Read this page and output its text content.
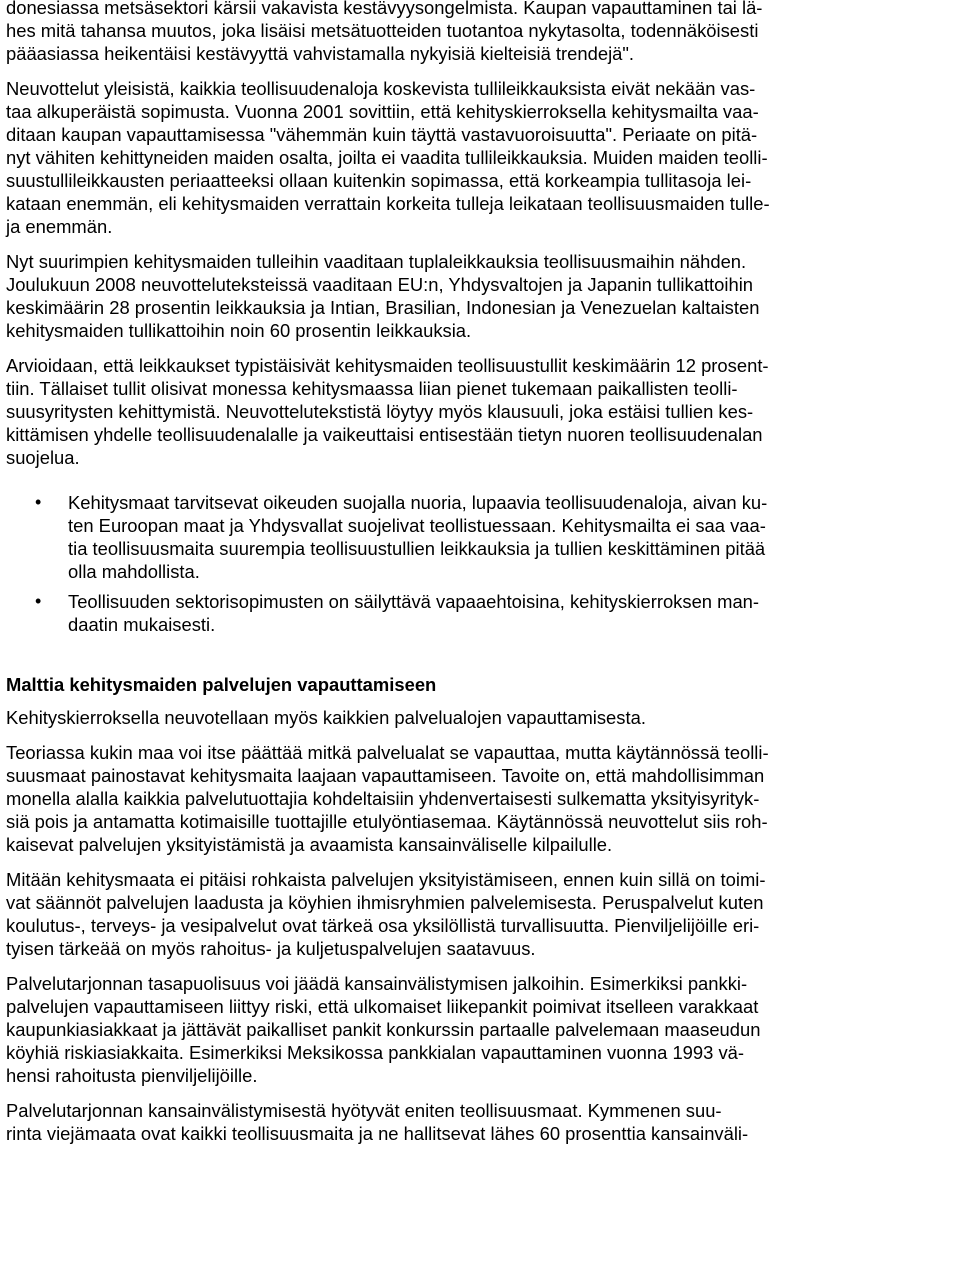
donesiassa metsäsektori kärsii vakavista kestävyysongelmista. Kaupan vapauttaminen tai lä-
hes mitä tahansa muutos, joka lisäisi metsätuotteiden tuotantoa nykytasolta, todennäköisesti
pääasiassa heikentäisi kestävyyttä vahvistamalla nykyisiä kielteisiä trendejä".
Neuvottelut yleisistä, kaikkia teollisuudenaloja koskevista tullileikkauksista eivät nekään vas-
taa alkuperäistä sopimusta. Vuonna 2001 sovittiin, että kehityskierroksella kehitysmailta vaa-
ditaan kaupan vapauttamisessa "vähemmän kuin täyttä vastavuoroisuutta". Periaate on pitä-
nyt vähiten kehittyneiden maiden osalta, joilta ei vaadita tullileikkauksia. Muiden maiden teolli-
suustullileikkausten periaatteeksi ollaan kuitenkin sopimassa, että korkeampia tullitasoja lei-
kataan enemmän, eli kehitysmaiden verrattain korkeita tulleja leikataan teollisuusmaiden tulle-
ja enemmän.
Nyt suurimpien kehitysmaiden tulleihin vaaditaan tuplaleikkauksia teollisuusmaihin nähden.
Joulukuun 2008 neuvotteluteksteissä vaaditaan EU:n, Yhdysvaltojen ja Japanin tullikattoihin
keskimäärin 28 prosentin leikkauksia ja Intian, Brasilian, Indonesian ja Venezuelan kaltaisten
kehitysmaiden tullikattoihin noin 60 prosentin leikkauksia.
Arvioidaan, että leikkaukset typistäisivät kehitysmaiden teollisuustullit keskimäärin 12 prosent-
tiin. Tällaiset tullit olisivat monessa kehitysmaassa liian pienet tukemaan paikallisten teolli-
suusyritysten kehittymistä. Neuvottelutekstistä löytyy myös klausuuli, joka estäisi tullien kes-
kittämisen yhdelle teollisuudenalalle ja vaikeuttaisi entisestään tietyn nuoren teollisuudenalan
suojelua.
• Kehitysmaat tarvitsevat oikeuden suojalla nuoria, lupaavia teollisuudenaloja, aivan ku-
ten Euroopan maat ja Yhdysvallat suojelivat teollistuessaan. Kehitysmailta ei saa vaa-
tia teollisuusmaita suurempia teollisuustullien leikkauksia ja tullien keskittäminen pitää
olla mahdollista.
• Teollisuuden sektorisopimusten on säilyttävä vapaaehtoisina, kehityskierroksen man-
daatin mukaisesti.
Malttia kehitysmaiden palvelujen vapauttamiseen
Kehityskierroksella neuvotellaan myös kaikkien palvelualojen vapauttamisesta.
Teoriassa kukin maa voi itse päättää mitkä palvelualat se vapauttaa, mutta käytännössä teolli-
suusmaat painostavat kehitysmaita laajaan vapauttamiseen. Tavoite on, että mahdollisimman
monella alalla kaikkia palvelutuottajia kohdeltaisiin yhdenvertaisesti sulkematta yksityisyrityk-
siä pois ja antamatta kotimaisille tuottajille etulyöntiasemaa. Käytännössä neuvottelut siis roh-
kaisevat palvelujen yksityistämistä ja avaamista kansainväliselle kilpailulle.
Mitään kehitysmaata ei pitäisi rohkaista palvelujen yksityistämiseen, ennen kuin sillä on toimi-
vat säännöt palvelujen laadusta ja köyhien ihmisryhmien palvelemisesta. Peruspalvelut kuten
koulutus-, terveys- ja vesipalvelut ovat tärkeä osa yksilöllistä turvallisuutta. Pienviljelijöille eri-
tyisen tärkeää on myös rahoitus- ja kuljetuspalvelujen saatavuus.
Palvelutarjonnan tasapuolisuus voi jäädä kansainvälistymisen jalkoihin. Esimerkiksi pankki-
palvelujen vapauttamiseen liittyy riski, että ulkomaiset liikepankit poimivat itselleen varakkaat
kaupunkiasiakkaat ja jättävät paikalliset pankit konkurssin partaalle palvelemaan maaseudun
köyhiä riskiasiakkaita. Esimerkiksi Meksikossa pankkialan vapauttaminen vuonna 1993 vä-
hensi rahoitusta pienviljelijöille.
Palvelutarjonnan kansainvälistymisestä hyötyvät eniten teollisuusmaat. Kymmenen suu-
rinta viejämaata ovat kaikki teollisuusmaita ja ne hallitsevat lähes 60 prosenttia kansainväli-
